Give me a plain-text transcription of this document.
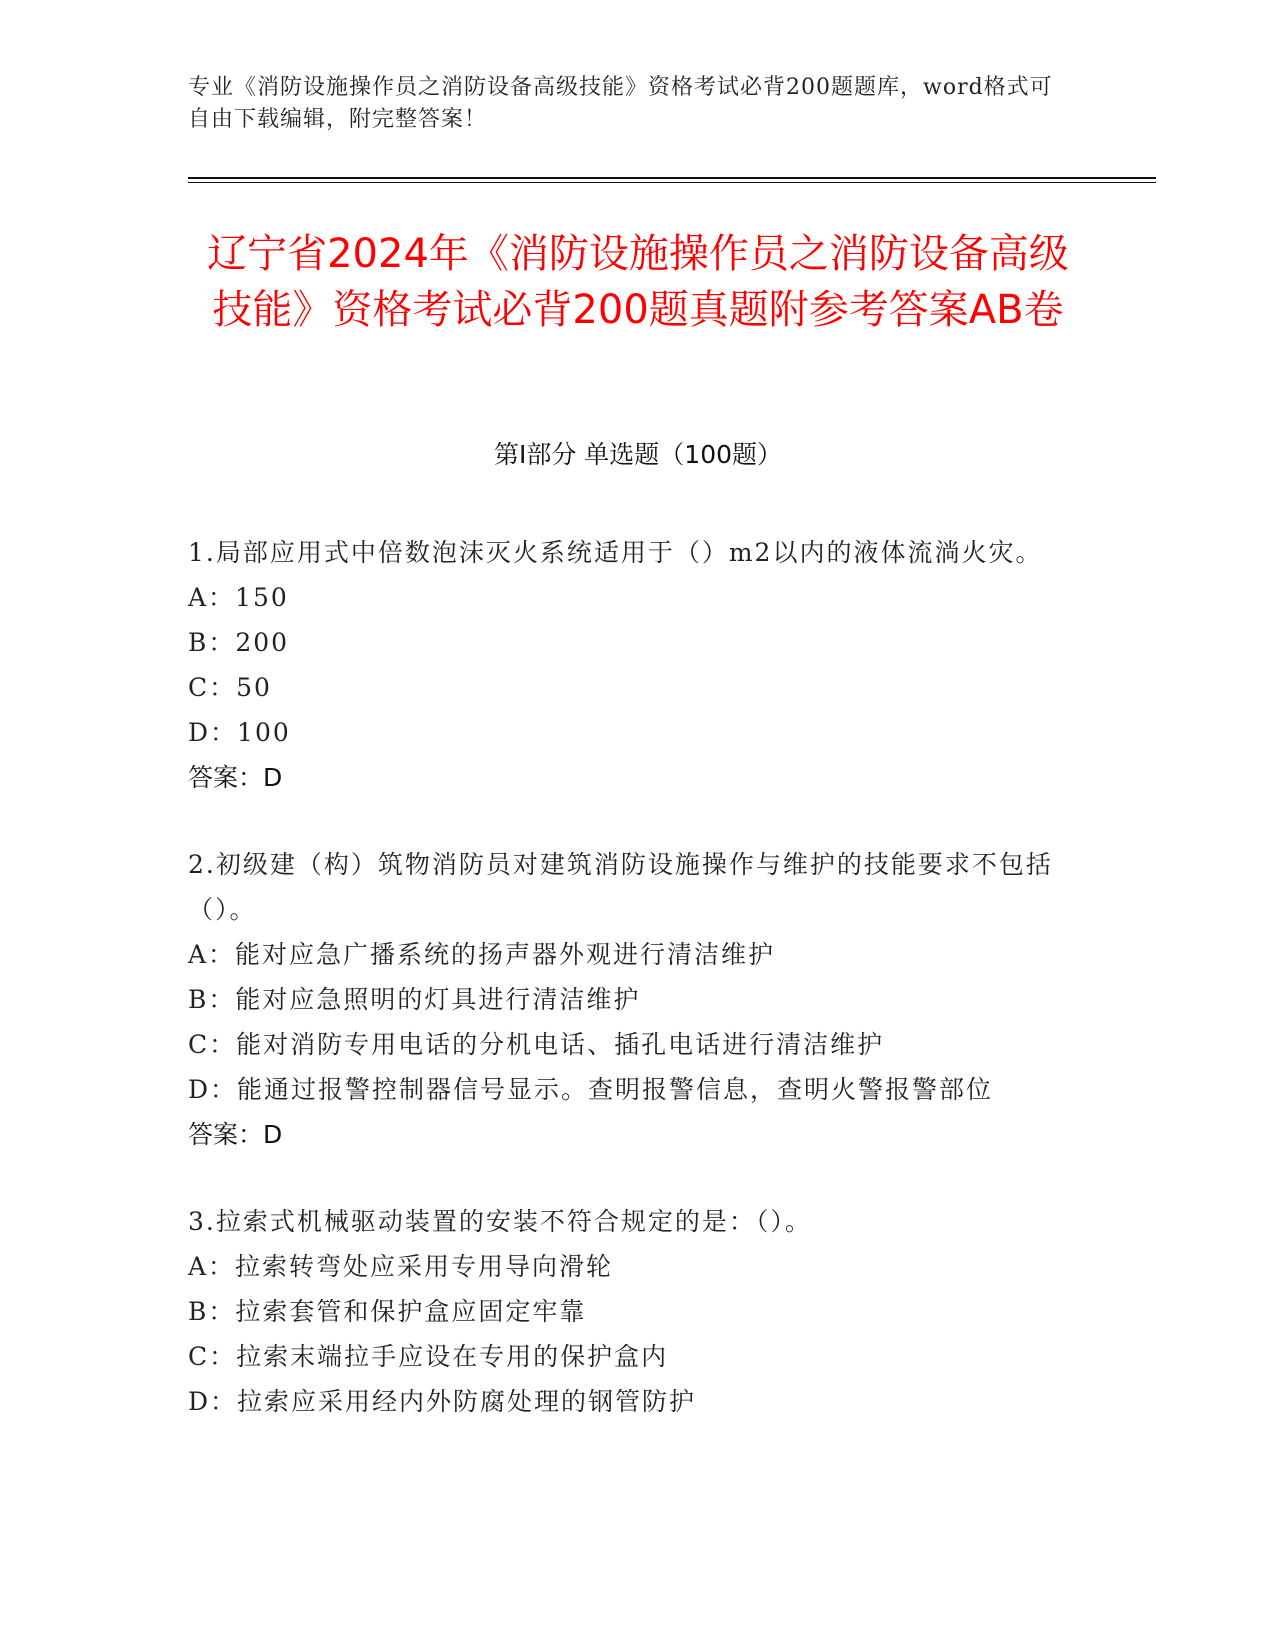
专业《消防设施操作员之消防设备高级技能》资格考试必背200题题库，word格式可自由下载编辑，附完整答案！
辽宁省2024年《消防设施操作员之消防设备高级技能》资格考试必背200题真题附参考答案AB卷
第Ⅰ部分 单选题（100题）
1.局部应用式中倍数泡沫灭火系统适用于（）m2以内的液体流淌火灾。
A：150
B：200
C：50
D：100
答案：D
2.初级建（构）筑物消防员对建筑消防设施操作与维护的技能要求不包括（）。
A：能对应急广播系统的扬声器外观进行清洁维护
B：能对应急照明的灯具进行清洁维护
C：能对消防专用电话的分机电话、插孔电话进行清洁维护
D：能通过报警控制器信号显示。查明报警信息，查明火警报警部位
答案：D
3.拉索式机械驱动装置的安装不符合规定的是：（）。
A：拉索转弯处应采用专用导向滑轮
B：拉索套管和保护盒应固定牢靠
C：拉索末端拉手应设在专用的保护盒内
D：拉索应采用经内外防腐处理的钢管防护
